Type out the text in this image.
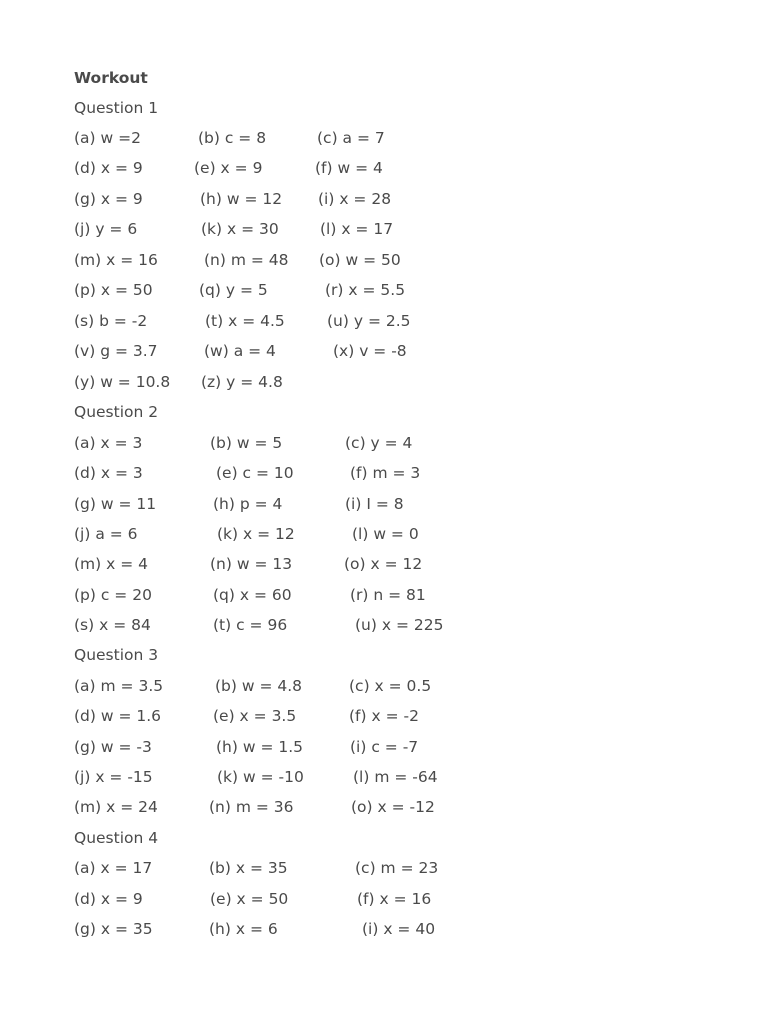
Workout
Question 1
(a) w =2	(b) c = 8	(c) a = 7
(d) x = 9	(e) x = 9	(f) w = 4
(g) x = 9	(h) w = 12 (i) x = 28
(j) y = 6	(k) x = 30	(l) x = 17
(m) x = 16	(n) m = 48 (o) w = 50
(p) x = 50	(q) y = 5	(r) x = 5.5
(s) b = -2	(t) x = 4.5	(u) y = 2.5
(v) g = 3.7	(w) a = 4	(x) v = -8
(y) w = 10.8 (z) y = 4.8
Question 2
(a) x = 3	(b) w = 5	(c) y = 4
(d) x = 3	(e) c = 10	(f) m = 3
(g) w = 11	(h) p = 4	(i) I = 8
(j) a = 6	(k) x = 12	(l) w = 0
(m) x = 4	(n) w = 13	(o) x = 12
(p) c = 20	(q) x = 60	(r) n = 81
(s) x = 84	(t) c = 96	(u) x = 225
Question 3
(a) m = 3.5	(b) w = 4.8	(c) x = 0.5
(d) w = 1.6	(e) x = 3.5	(f) x = -2
(g) w = -3	(h) w = 1.5	(i) c = -7
(j) x = -15	(k) w = -10	(l) m = -64
(m) x = 24	(n) m = 36	(o) x = -12
Question 4
(a) x = 17	(b) x = 35	(c) m = 23
(d) x = 9	(e) x = 50	(f) x = 16
(g) x = 35	(h) x = 6	(i) x = 40
